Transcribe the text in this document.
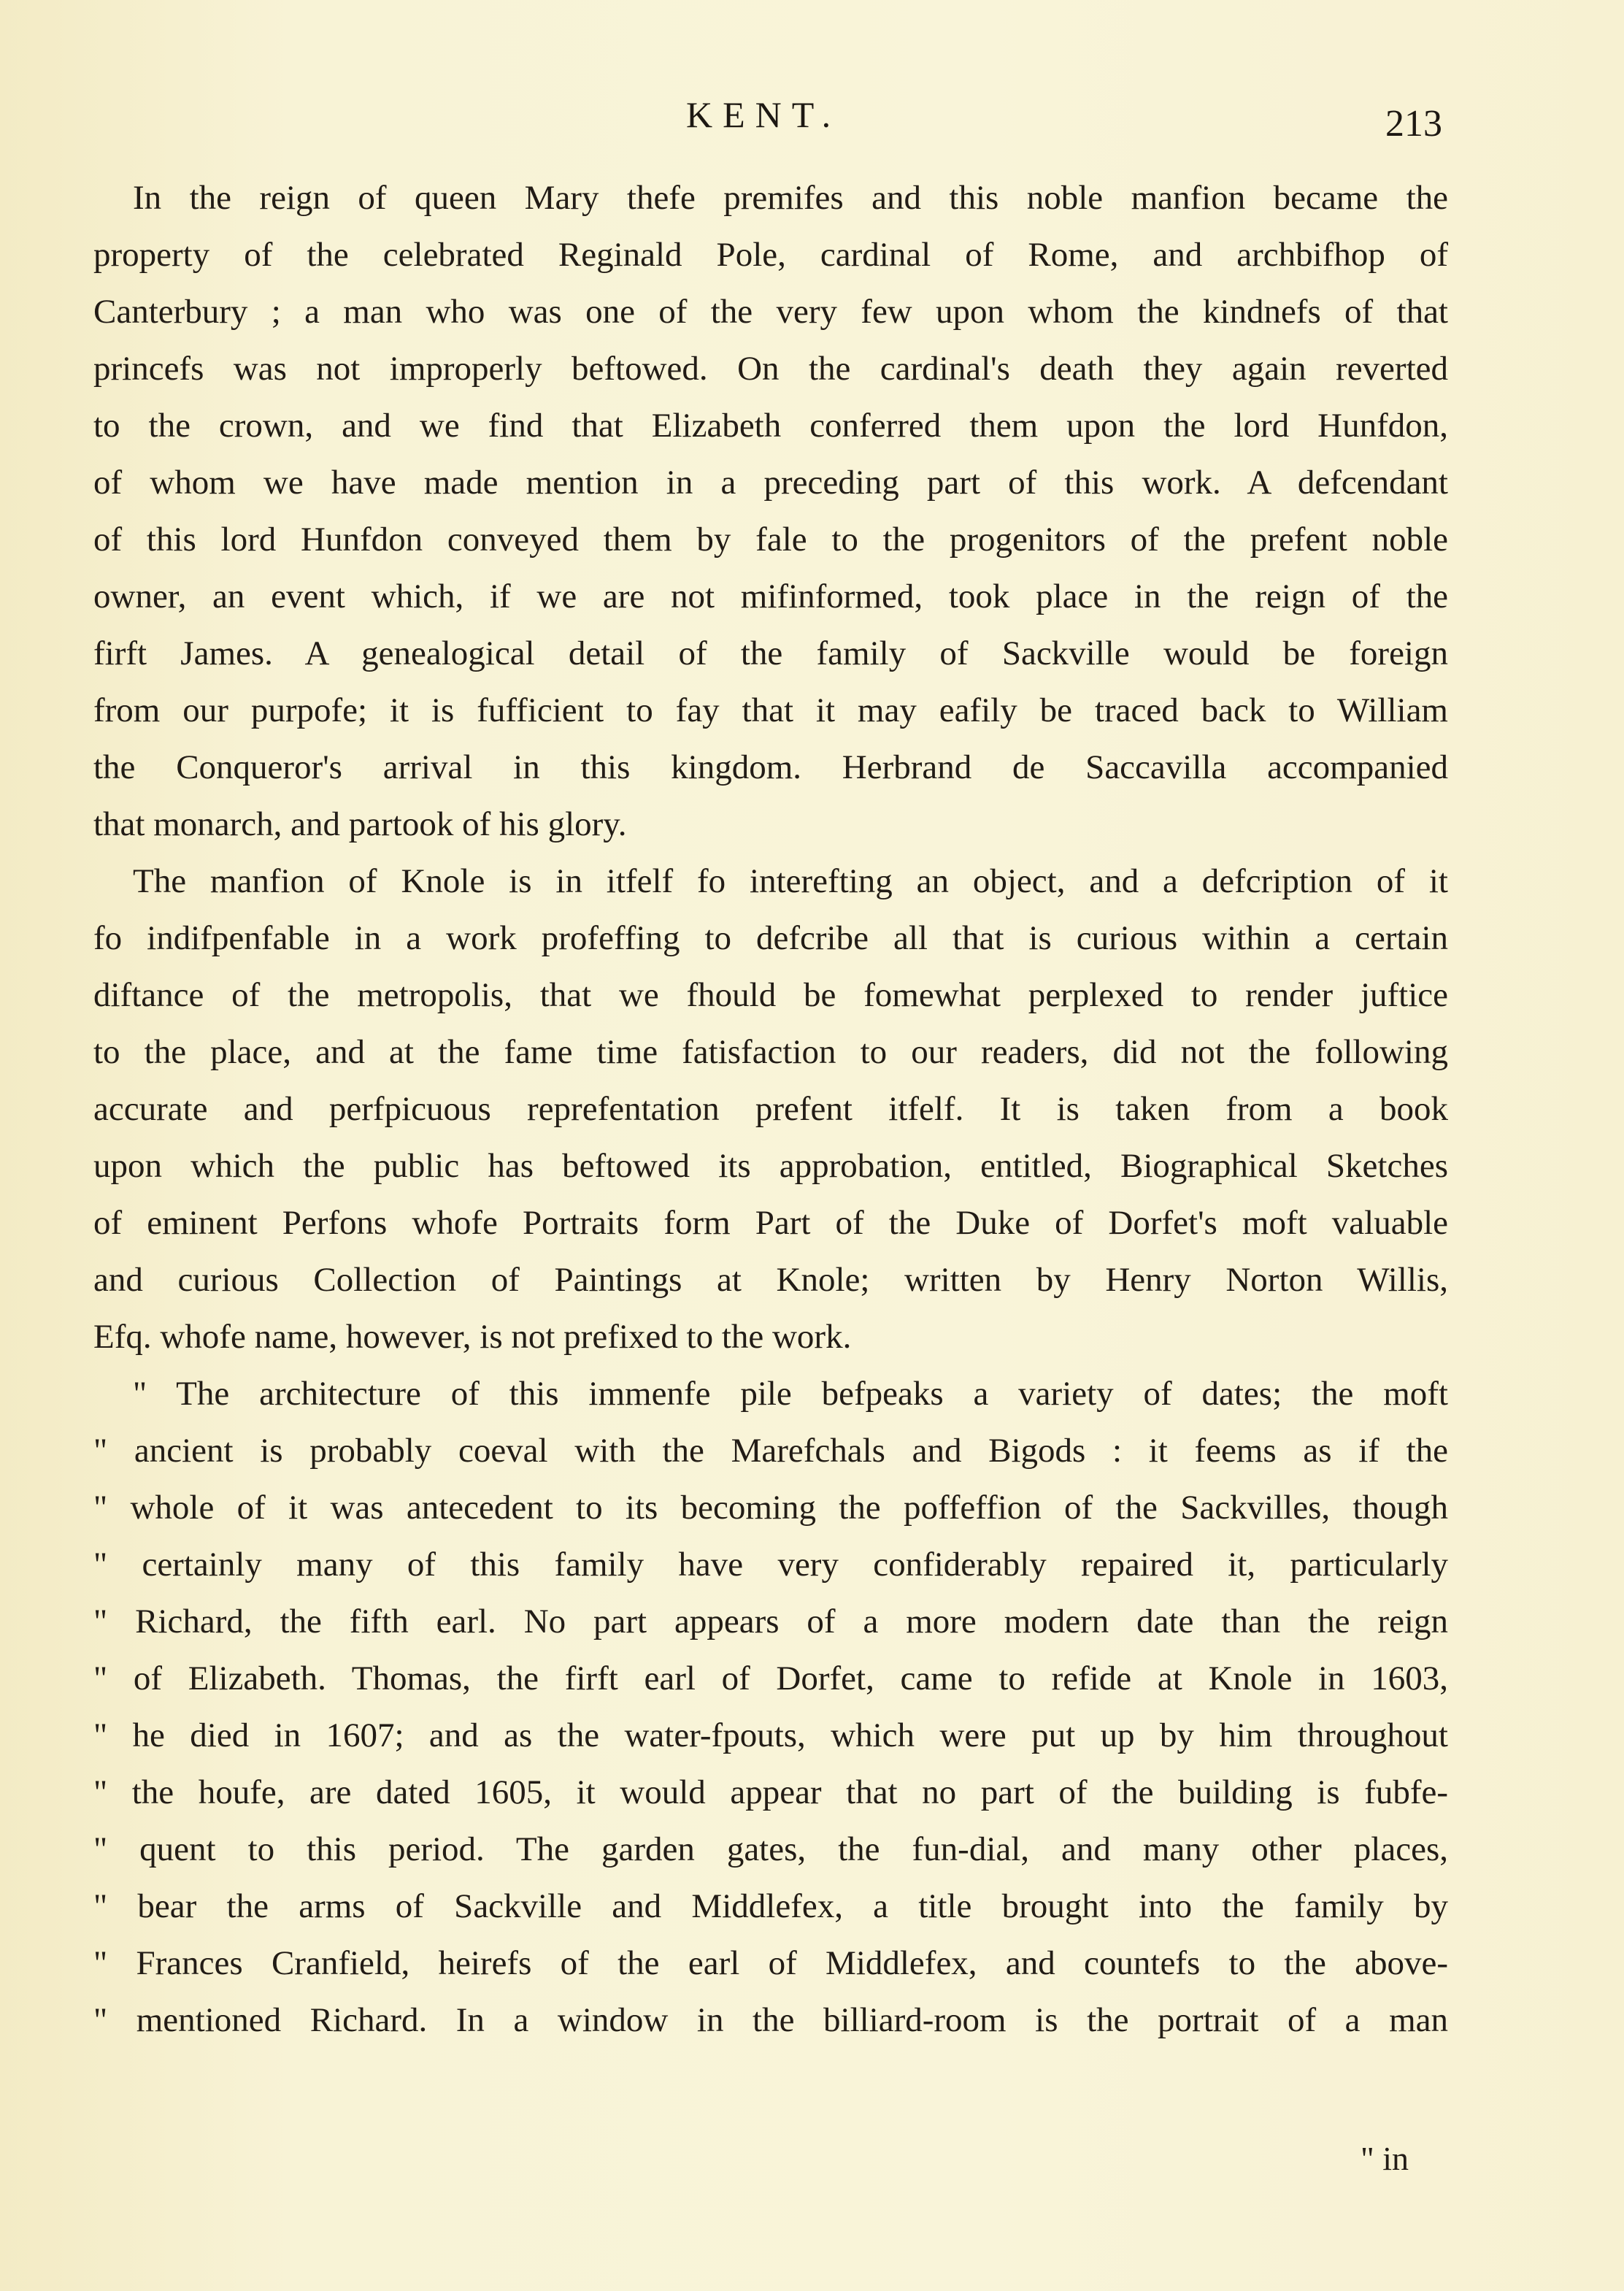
KENT.	213
In the reign of queen Mary thefe premifes and this noble manfion became the
property of the celebrated Reginald Pole, cardinal of Rome, and archbifhop of
Canterbury ; a man who was one of the very few upon whom the kindnefs of that
princefs was not improperly beftowed. On the cardinal's death they again reverted
to the crown, and we find that Elizabeth conferred them upon the lord Hunfdon,
of whom we have made mention in a preceding part of this work. A defcendant
of this lord Hunfdon conveyed them by fale to the progenitors of the prefent noble
owner, an event which, if we are not mifinformed, took place in the reign of the
firft James. A genealogical detail of the family of Sackville would be foreign
from our purpofe; it is fufficient to fay that it may eafily be traced back to William
the Conqueror's arrival in this kingdom. Herbrand de Saccavilla accompanied
that monarch, and partook of his glory.
The manfion of Knole is in itfelf fo interefting an object, and a defcription of it
fo indifpenfable in a work profeffing to defcribe all that is curious within a certain
diftance of the metropolis, that we fhould be fomewhat perplexed to render juftice
to the place, and at the fame time fatisfaction to our readers, did not the following
accurate and perfpicuous reprefentation prefent itfelf. It is taken from a book
upon which the public has beftowed its approbation, entitled, Biographical Sketches
of eminent Perfons whofe Portraits form Part of the Duke of Dorfet's moft valuable
and curious Collection of Paintings at Knole; written by Henry Norton Willis,
Efq. whofe name, however, is not prefixed to the work.
" The architecture of this immenfe pile befpeaks a variety of dates; the moft
" ancient is probably coeval with the Marefchals and Bigods : it feems as if the
" whole of it was antecedent to its becoming the poffeffion of the Sackvilles, though
" certainly many of this family have very confiderably repaired it, particularly
" Richard, the fifth earl. No part appears of a more modern date than the reign
" of Elizabeth. Thomas, the firft earl of Dorfet, came to refide at Knole in 1603,
" he died in 1607; and as the water-fpouts, which were put up by him throughout
" the houfe, are dated 1605, it would appear that no part of the building is fubfe-
" quent to this period. The garden gates, the fun-dial, and many other places,
" bear the arms of Sackville and Middlefex, a title brought into the family by
" Frances Cranfield, heirefs of the earl of Middlefex, and countefs to the above-
" mentioned Richard. In a window in the billiard-room is the portrait of a man
" in
